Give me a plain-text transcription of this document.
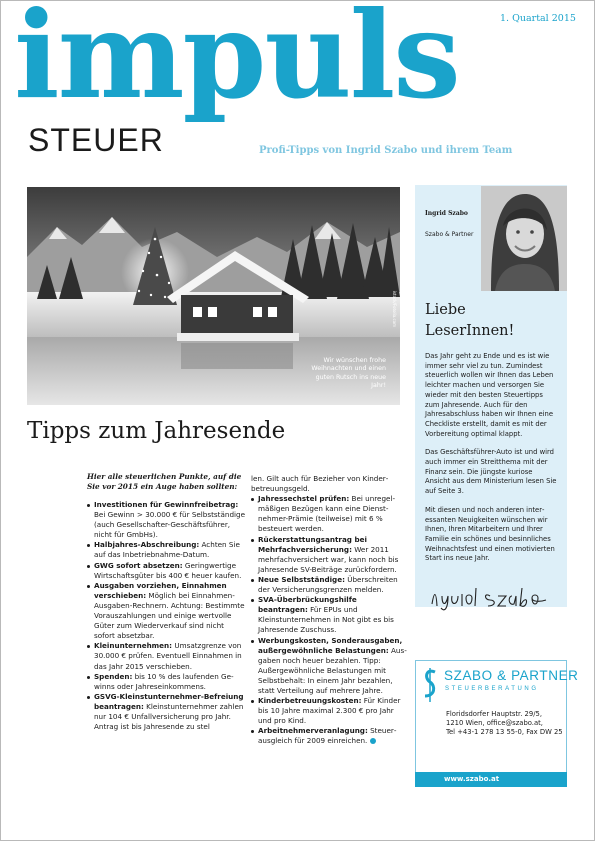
1. Quartal 2015
impuls
STEUER	Profi-Tipps von Ingrid Szabo und ihrem Team
Wir wünschen frohe Weihnachten und einen guten Rutsch ins neue Jahr!
istock/Fotolia.com
Tipps zum Jahresende
Hier alle steuerlichen Punkte, auf die Sie vor 2015 ein Auge haben sollten:

Investitionen für Gewinnfreibetrag: Bei Gewinn > 30.000 € für Selbstständige (auch Gesellschafter-Geschäftsführer, nicht für GmbHs).

Halbjahres-Abschreibung: Achten Sie auf das Inbetriebnahme-Datum.

GWG sofort absetzen: Geringwertige Wirtschaftsgüter bis 400 € heuer kaufen.

Ausgaben vorziehen, Einnahmen verschieben: Möglich bei Einnahmen-Ausgaben-Rechnern. Achtung: Bestimmte Vorauszahlungen und einige wertvolle Güter zum Wiederverkauf sind nicht sofort absetzbar.

Kleinunternehmen: Umsatzgrenze von 30.000 € prüfen. Eventuell Einnahmen in das Jahr 2015 verschieben.

Spenden: bis 10 % des laufenden Gewinns oder Jahreseinkommens.

GSVG-Kleinstunternehmer-Befreiung beantragen: Kleinstunternehmer zahlen nur 104 € Unfallversicherung pro Jahr. Antrag ist bis Jahresende zu stel

len. Gilt auch für Bezieher von Kinderbetreuungsgeld.

Jahressechstel prüfen: Bei unregelmäßigen Bezügen kann eine Dienstnehmer-Prämie (teilweise) mit 6 % besteuert werden.

Rückerstattungsantrag bei Mehrfachversicherung: Wer 2011 mehrfachversichert war, kann noch bis Jahresende SV-Beiträge zurückfordern.

Neue Selbstständige: Überschreiten der Versicherungsgrenzen melden.

SVA-Überbrückungshilfe beantragen: Für EPUs und Kleinstunternehmen in Not gibt es bis Jahresende Zuschuss.

Werbungskosten, Sonderausgaben, außergewöhnliche Belastungen: Ausgaben noch heuer bezahlen. Tipp: Außergewöhnliche Belastungen mit Selbstbehalt: In einem Jahr bezahlen, statt Verteilung auf mehrere Jahre.

Kinderbetreuungskosten: Für Kinder bis 10 Jahre maximal 2.300 € pro Jahr und pro Kind.

Arbeitnehmerveranlagung: Steuerausgleich für 2009 einreichen.

Ingrid Szabo
Szabo & Partner
Liebe
LeserInnen!

Das Jahr geht zu Ende und es ist wie immer sehr viel zu tun. Zumindest steuerlich wollen wir Ihnen das Leben leichter machen und versorgen Sie wieder mit den besten Steuertipps zum Jahresende. Auch für den Jahresabschluss haben wir Ihnen eine Checkliste erstellt, damit es mit der Vorbereitung optimal klappt.

Das Geschäftsführer-Auto ist und wird auch immer ein Streitthema mit der Finanz sein. Die jüngste kuriose Ansicht aus dem Ministerium lesen Sie auf Seite 3.

Mit diesen und noch anderen interessanten Neuigkeiten wünschen wir Ihnen, Ihren Mitarbeitern und Ihrer Familie ein schönes und besinnliches Weihnachtsfest und einen motivierten Start ins neue Jahr.

SZABO & PARTNER
STEUERBERATUNG
Floridsdorfer Hauptstr. 29/5,
1210 Wien, office@szabo.at,
Tel +43-1 278 13 55-0, Fax DW 25
www.szabo.at
